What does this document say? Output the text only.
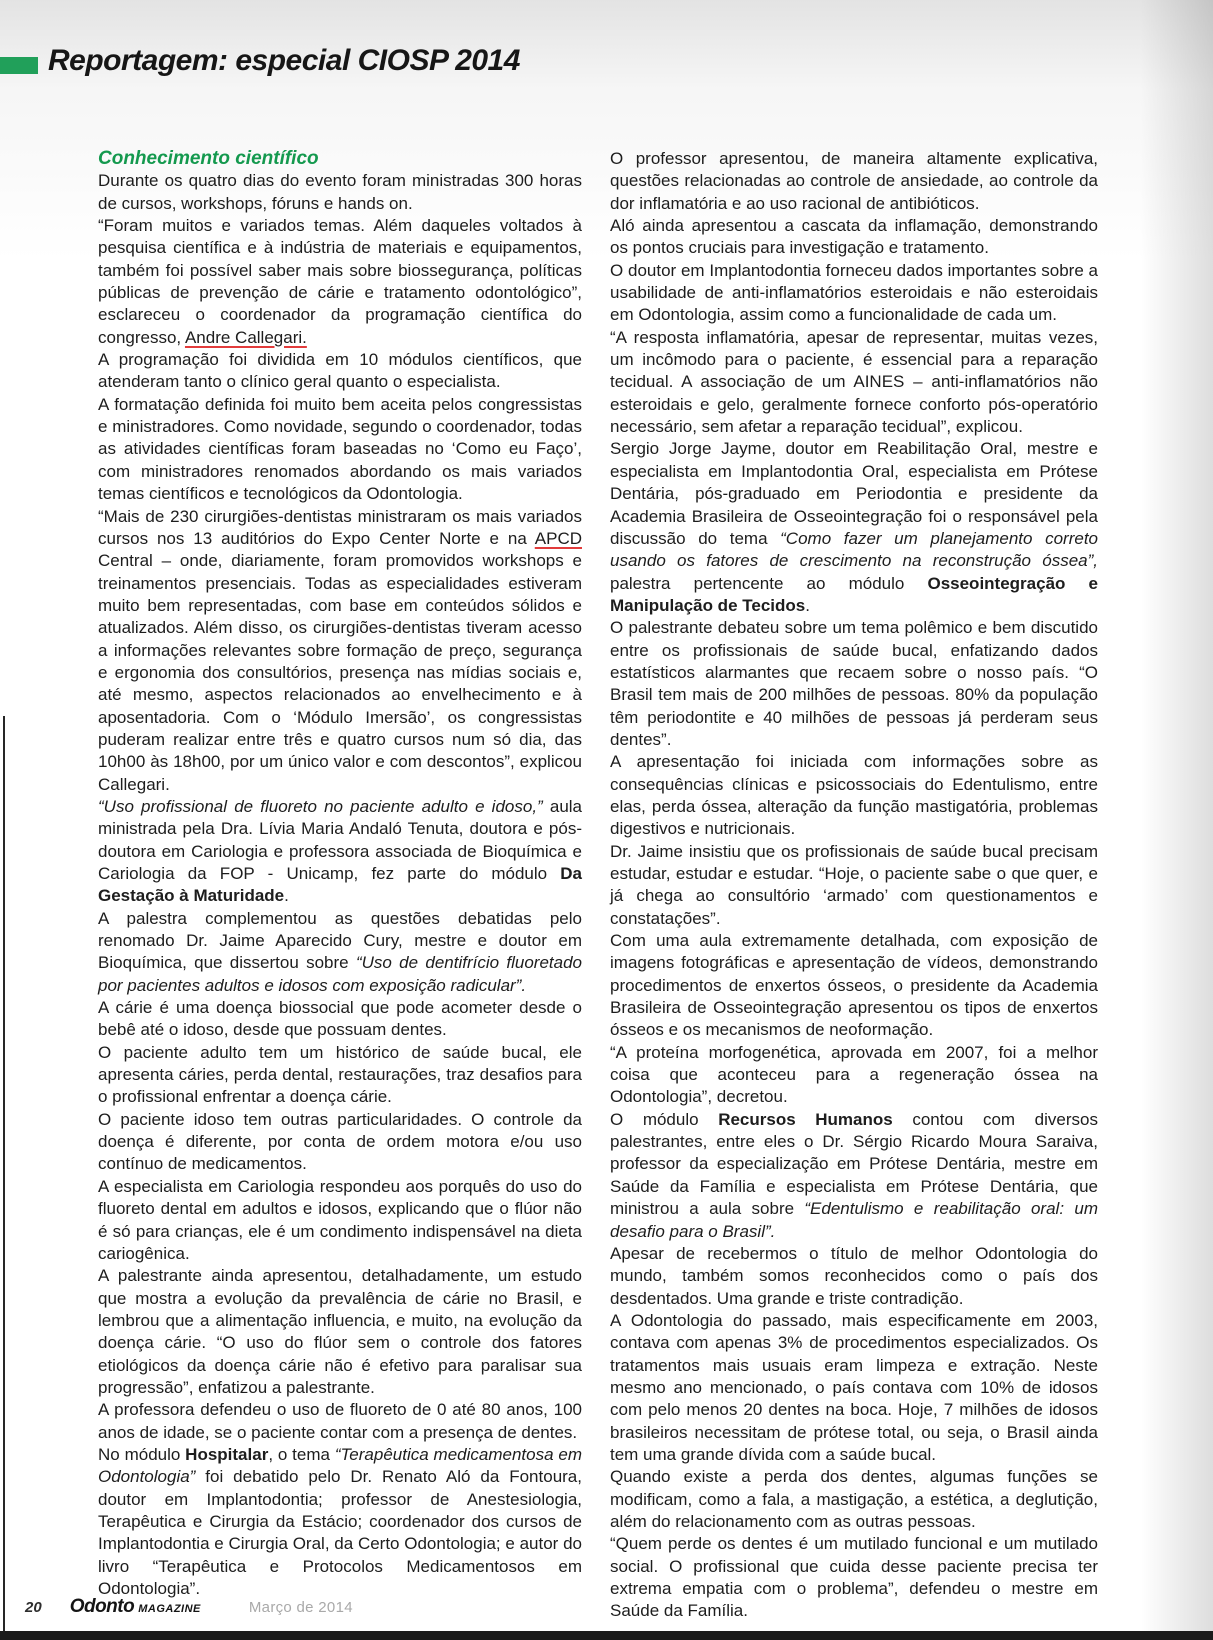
Reportagem: especial CIOSP 2014
Conhecimento científico

Durante os quatro dias do evento foram ministradas 300 horas de cursos, workshops, fóruns e hands on.

“Foram muitos e variados temas. Além daqueles voltados à pesquisa científica e à indústria de materiais e equipamentos, também foi possível saber mais sobre biossegurança, políticas públicas de prevenção de cárie e tratamento odontológico”, esclareceu o coordenador da programação científica do congresso, Andre Callegari.

A programação foi dividida em 10 módulos científicos, que atenderam tanto o clínico geral quanto o especialista.

A formatação definida foi muito bem aceita pelos congressistas e ministradores. Como novidade, segundo o coordenador, todas as atividades científicas foram baseadas no ‘Como eu Faço’, com ministradores renomados abordando os mais variados temas científicos e tecnológicos da Odontologia.

“Mais de 230 cirurgiões-dentistas ministraram os mais variados cursos nos 13 auditórios do Expo Center Norte e na APCD Central – onde, diariamente, foram promovidos workshops e treinamentos presenciais. Todas as especialidades estiveram muito bem representadas, com base em conteúdos sólidos e atualizados. Além disso, os cirurgiões-dentistas tiveram acesso a informações relevantes sobre formação de preço, segurança e ergonomia dos consultórios, presença nas mídias sociais e, até mesmo, aspectos relacionados ao envelhecimento e à aposentadoria. Com o ‘Módulo Imersão’, os congressistas puderam realizar entre três e quatro cursos num só dia, das 10h00 às 18h00, por um único valor e com descontos”, explicou Callegari.

“Uso profissional de fluoreto no paciente adulto e idoso,” aula ministrada pela Dra. Lívia Maria Andaló Tenuta, doutora e pós-doutora em Cariologia e professora associada de Bioquímica e Cariologia da FOP - Unicamp, fez parte do módulo Da Gestação à Maturidade.

A palestra complementou as questões debatidas pelo renomado Dr. Jaime Aparecido Cury, mestre e doutor em Bioquímica, que dissertou sobre “Uso de dentifrício fluoretado por pacientes adultos e idosos com exposição radicular”.

A cárie é uma doença biossocial que pode acometer desde o bebê até o idoso, desde que possuam dentes.

O paciente adulto tem um histórico de saúde bucal, ele apresenta cáries, perda dental, restaurações, traz desafios para o profissional enfrentar a doença cárie.

O paciente idoso tem outras particularidades. O controle da doença é diferente, por conta de ordem motora e/ou uso contínuo de medicamentos.

A especialista em Cariologia respondeu aos porquês do uso do fluoreto dental em adultos e idosos, explicando que o flúor não é só para crianças, ele é um condimento indispensável na dieta cariogênica.

A palestrante ainda apresentou, detalhadamente, um estudo que mostra a evolução da prevalência de cárie no Brasil, e lembrou que a alimentação influencia, e muito, na evolução da doença cárie. “O uso do flúor sem o controle dos fatores etiológicos da doença cárie não é efetivo para paralisar sua progressão”, enfatizou a palestrante.

A professora defendeu o uso de fluoreto de 0 até 80 anos, 100 anos de idade, se o paciente contar com a presença de dentes.

No módulo Hospitalar, o tema “Terapêutica medicamentosa em Odontologia” foi debatido pelo Dr. Renato Aló da Fontoura, doutor em Implantodontia; professor de Anestesiologia, Terapêutica e Cirurgia da Estácio; coordenador dos cursos de Implantodontia e Cirurgia Oral, da Certo Odontologia; e autor do livro “Terapêutica e Protocolos Medicamentosos em Odontologia”.

O professor apresentou, de maneira altamente explicativa, questões relacionadas ao controle de ansiedade, ao controle da dor inflamatória e ao uso racional de antibióticos.

Aló ainda apresentou a cascata da inflamação, demonstrando os pontos cruciais para investigação e tratamento.

O doutor em Implantodontia forneceu dados importantes sobre a usabilidade de anti-inflamatórios esteroidais e não esteroidais em Odontologia, assim como a funcionalidade de cada um.

“A resposta inflamatória, apesar de representar, muitas vezes, um incômodo para o paciente, é essencial para a reparação tecidual. A associação de um AINES – anti-inflamatórios não esteroidais e gelo, geralmente fornece conforto pós-operatório necessário, sem afetar a reparação tecidual”, explicou.

Sergio Jorge Jayme, doutor em Reabilitação Oral, mestre e especialista em Implantodontia Oral, especialista em Prótese Dentária, pós-graduado em Periodontia e presidente da Academia Brasileira de Osseointegração foi o responsável pela discussão do tema “Como fazer um planejamento correto usando os fatores de crescimento na reconstrução óssea”, palestra pertencente ao módulo Osseointegração e Manipulação de Tecidos.

O palestrante debateu sobre um tema polêmico e bem discutido entre os profissionais de saúde bucal, enfatizando dados estatísticos alarmantes que recaem sobre o nosso país. “O Brasil tem mais de 200 milhões de pessoas. 80% da população têm periodontite e 40 milhões de pessoas já perderam seus dentes”.

A apresentação foi iniciada com informações sobre as consequências clínicas e psicossociais do Edentulismo, entre elas, perda óssea, alteração da função mastigatória, problemas digestivos e nutricionais.

Dr. Jaime insistiu que os profissionais de saúde bucal precisam estudar, estudar e estudar. “Hoje, o paciente sabe o que quer, e já chega ao consultório ‘armado’ com questionamentos e constatações”.

Com uma aula extremamente detalhada, com exposição de imagens fotográficas e apresentação de vídeos, demonstrando procedimentos de enxertos ósseos, o presidente da Academia Brasileira de Osseointegração apresentou os tipos de enxertos ósseos e os mecanismos de neoformação.

“A proteína morfogenética, aprovada em 2007, foi a melhor coisa que aconteceu para a regeneração óssea na Odontologia”, decretou.

O módulo Recursos Humanos contou com diversos palestrantes, entre eles o Dr. Sérgio Ricardo Moura Saraiva, professor da especialização em Prótese Dentária, mestre em Saúde da Família e especialista em Prótese Dentária, que ministrou a aula sobre “Edentulismo e reabilitação oral: um desafio para o Brasil”.

Apesar de recebermos o título de melhor Odontologia do mundo, também somos reconhecidos como o país dos desdentados. Uma grande e triste contradição.

A Odontologia do passado, mais especificamente em 2003, contava com apenas 3% de procedimentos especializados. Os tratamentos mais usuais eram limpeza e extração. Neste mesmo ano mencionado, o país contava com 10% de idosos com pelo menos 20 dentes na boca. Hoje, 7 milhões de idosos brasileiros necessitam de prótese total, ou seja, o Brasil ainda tem uma grande dívida com a saúde bucal.

Quando existe a perda dos dentes, algumas funções se modificam, como a fala, a mastigação, a estética, a deglutição, além do relacionamento com as outras pessoas.

“Quem perde os dentes é um mutilado funcional e um mutilado social. O profissional que cuida desse paciente precisa ter extrema empatia com o problema”, defendeu o mestre em Saúde da Família.

20 Odonto MAGAZINE	Março de 2014
